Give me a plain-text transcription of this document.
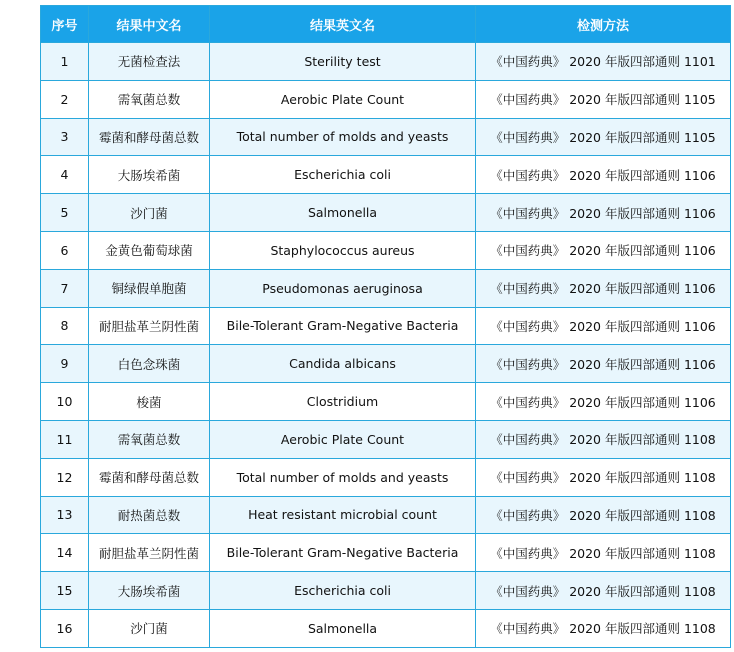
序号	结果中文名	结果英文名	检测方法
1	无菌检查法	Sterility test	《中国药典》 2020 年版四部通则 1101
2	需氧菌总数	Aerobic Plate Count	《中国药典》 2020 年版四部通则 1105
3	霉菌和酵母菌总数	Total number of molds and yeasts	《中国药典》 2020 年版四部通则 1105
4	大肠埃希菌	Escherichia coli	《中国药典》 2020 年版四部通则 1106
5	沙门菌	Salmonella	《中国药典》 2020 年版四部通则 1106
6	金黄色葡萄球菌	Staphylococcus aureus	《中国药典》 2020 年版四部通则 1106
7	铜绿假单胞菌	Pseudomonas aeruginosa	《中国药典》 2020 年版四部通则 1106
8	耐胆盐革兰阴性菌	Bile-Tolerant Gram-Negative Bacteria	《中国药典》 2020 年版四部通则 1106
9	白色念珠菌	Candida albicans	《中国药典》 2020 年版四部通则 1106
10	梭菌	Clostridium	《中国药典》 2020 年版四部通则 1106
11	需氧菌总数	Aerobic Plate Count	《中国药典》 2020 年版四部通则 1108
12	霉菌和酵母菌总数	Total number of molds and yeasts	《中国药典》 2020 年版四部通则 1108
13	耐热菌总数	Heat resistant microbial count	《中国药典》 2020 年版四部通则 1108
14	耐胆盐革兰阴性菌	Bile-Tolerant Gram-Negative Bacteria	《中国药典》 2020 年版四部通则 1108
15	大肠埃希菌	Escherichia coli	《中国药典》 2020 年版四部通则 1108
16	沙门菌	Salmonella	《中国药典》 2020 年版四部通则 1108
